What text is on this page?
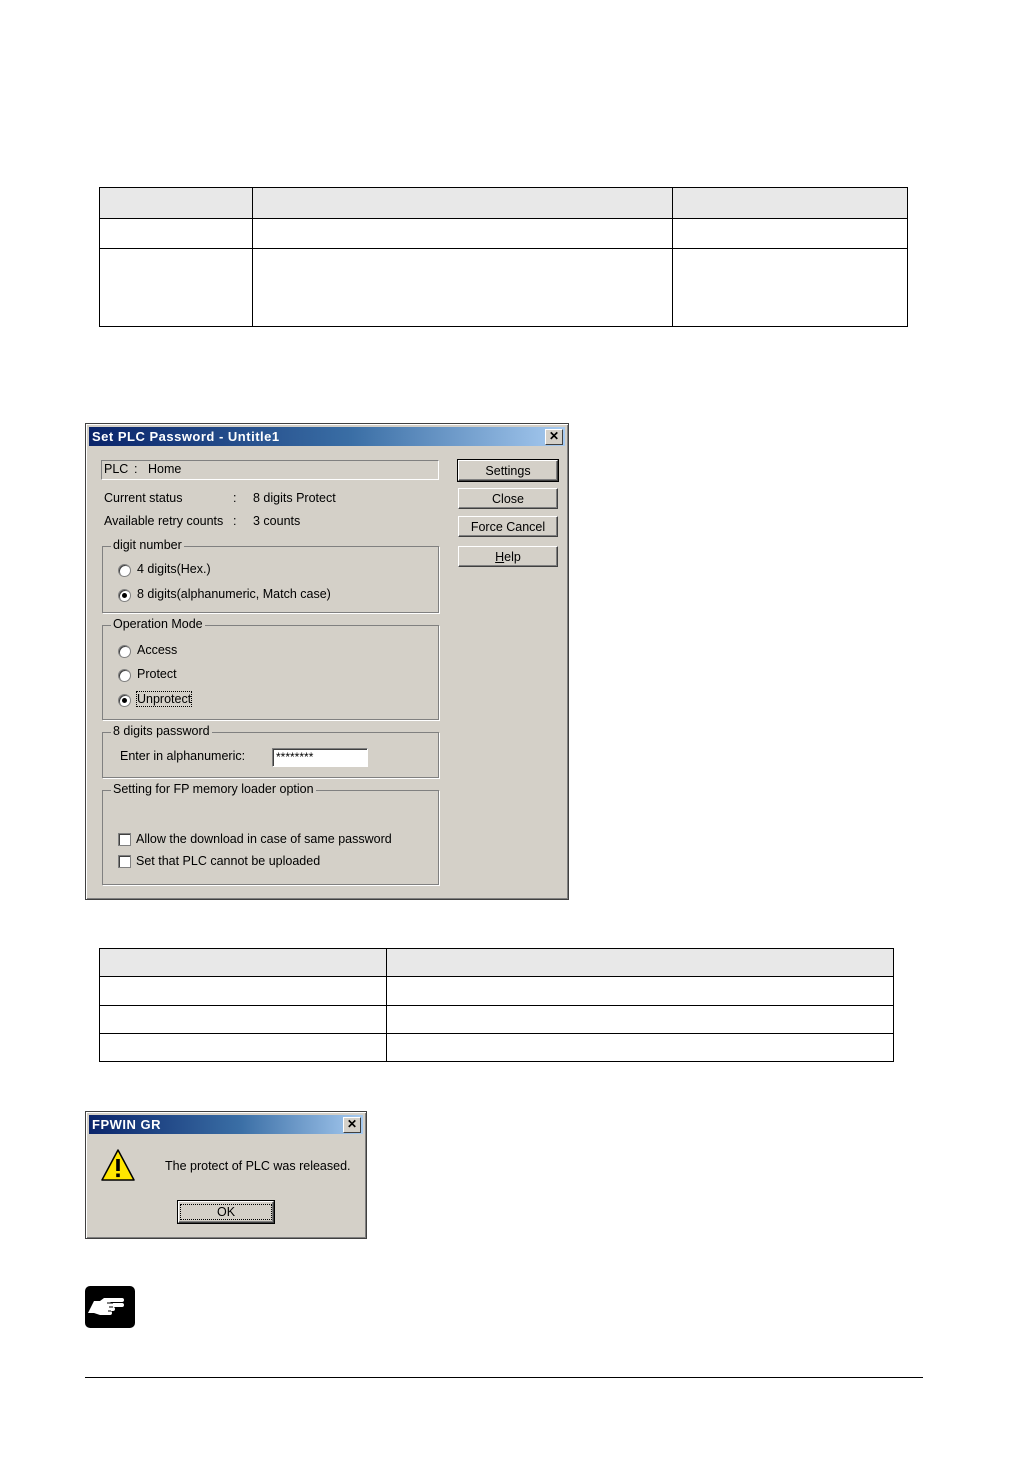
Set PLC Password - Untitle1	✕
PLC : Home
Current status	: 8 digits Protect
Available retry counts : 3 counts
digit number
4 digits(Hex.)
8 digits(alphanumeric, Match case)
Operation Mode
Access
Protect
Unprotect
8 digits password
Enter in alphanumeric:	********
Setting for FP memory loader option
Allow the download in case of same password
Set that PLC cannot be uploaded
Settings
Close
Force Cancel
Help

FPWIN GR	✕
The protect of PLC was released.
OK
